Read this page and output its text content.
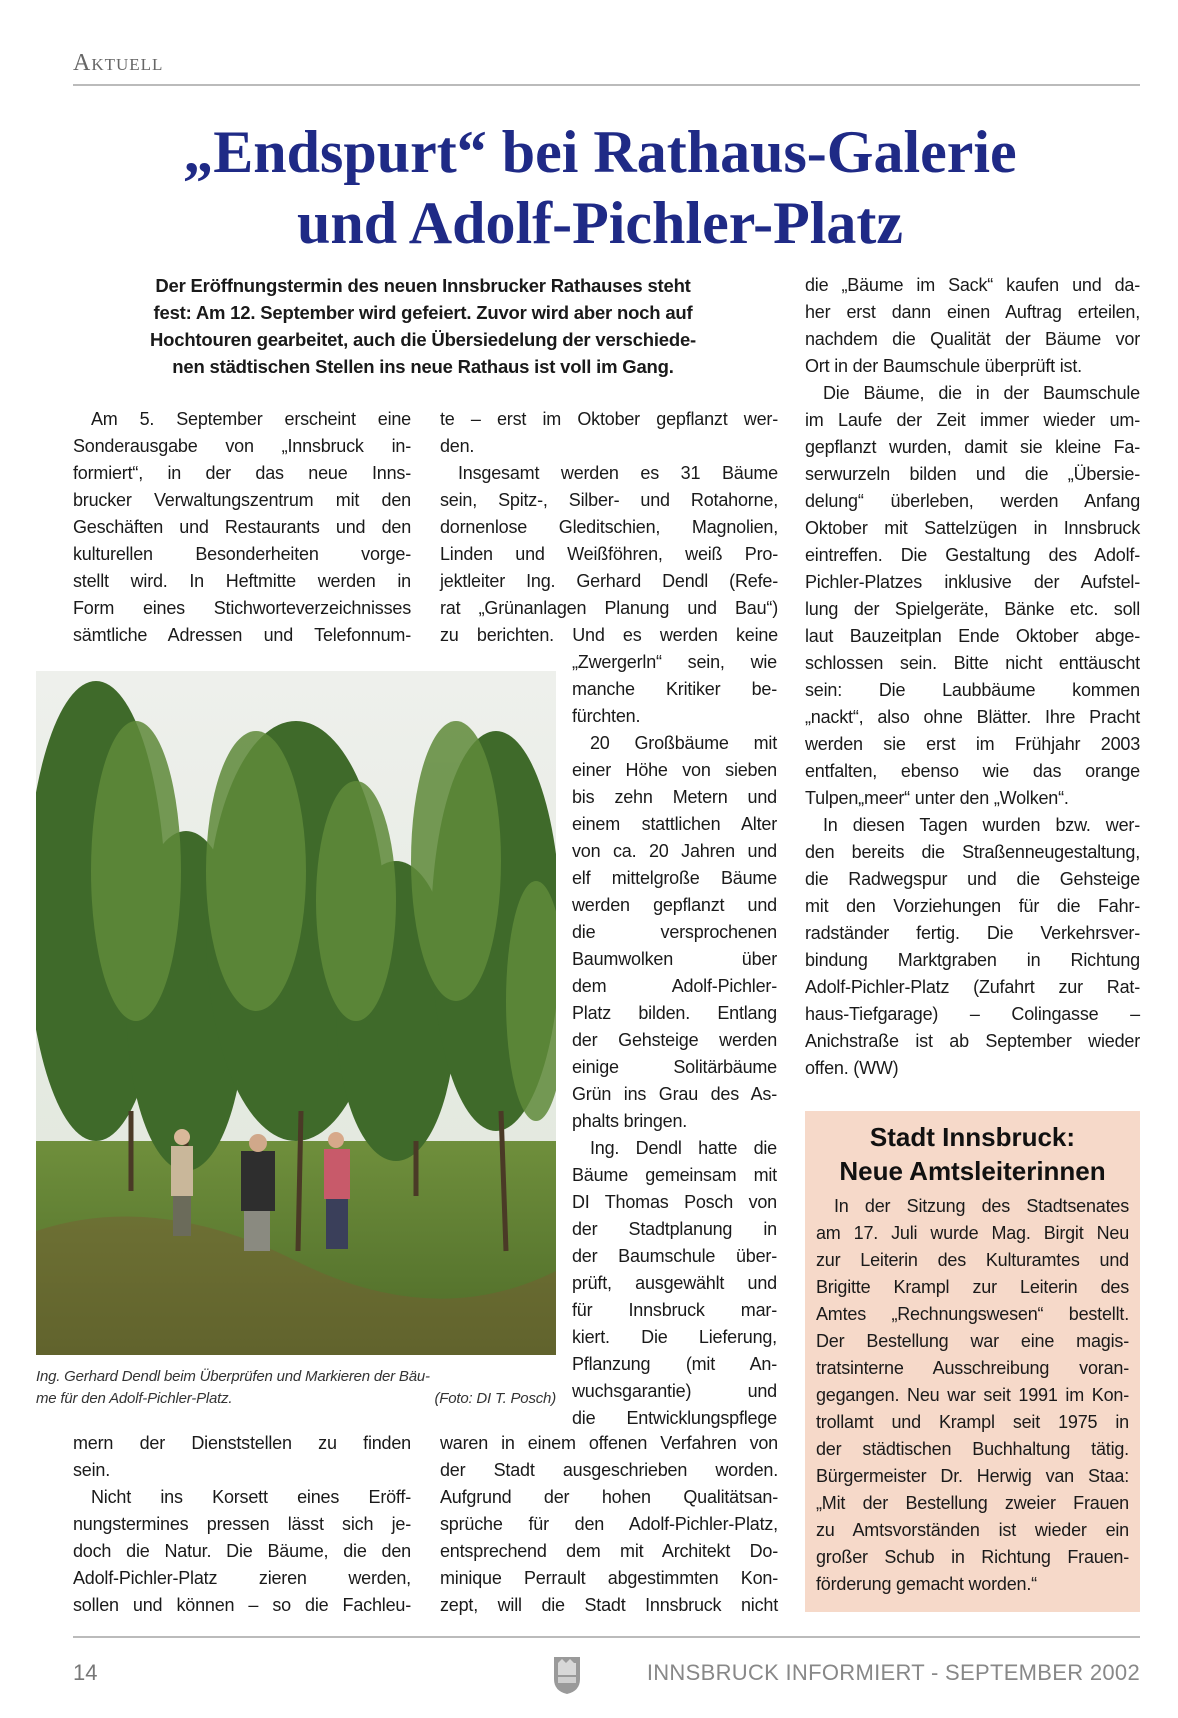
Aktuell
„Endspurt“ bei Rathaus-Galerie
und Adolf-Pichler-Platz
Der Eröffnungstermin des neuen Innsbrucker Rathauses steht
fest: Am 12. September wird gefeiert. Zuvor wird aber noch auf
Hochtouren gearbeitet, auch die Übersiedelung der verschiede-
nen städtischen Stellen ins neue Rathaus ist voll im Gang.
Am 5. September erscheint eine
Sonderausgabe von „Innsbruck in-
formiert“, in der das neue Inns-
brucker Verwaltungszentrum mit den
Geschäften und Restaurants und den
kulturellen Besonderheiten vorge-
stellt wird. In Heftmitte werden in
Form eines Stichworteverzeichnisses
sämtliche Adressen und Telefonnum-
mern der Dienststellen zu finden
sein.
Nicht ins Korsett eines Eröff-
nungstermines pressen lässt sich je-
doch die Natur. Die Bäume, die den
Adolf-Pichler-Platz zieren werden,
sollen und können – so die Fachleu-
te – erst im Oktober gepflanzt wer-
den.
Insgesamt werden es 31 Bäume
sein, Spitz-, Silber- und Rotahorne,
dornenlose Gleditschien, Magnolien,
Linden und Weißföhren, weiß Pro-
jektleiter Ing. Gerhard Dendl (Refe-
rat „Grünanlagen Planung und Bau“)
zu berichten. Und es werden keine
„Zwergerln“ sein, wie
manche Kritiker be-
fürchten.
20 Großbäume mit
einer Höhe von sieben
bis zehn Metern und
einem stattlichen Alter
von ca. 20 Jahren und
elf mittelgroße Bäume
werden gepflanzt und
die versprochenen
Baumwolken über
dem Adolf-Pichler-
Platz bilden. Entlang
der Gehsteige werden
einige Solitärbäume
Grün ins Grau des As-
phalts bringen.
Ing. Dendl hatte die
Bäume gemeinsam mit
DI Thomas Posch von
der Stadtplanung in
der Baumschule über-
prüft, ausgewählt und
für Innsbruck mar-
kiert. Die Lieferung,
Pflanzung (mit An-
wuchsgarantie) und
die Entwicklungspflege
waren in einem offenen Verfahren von
der Stadt ausgeschrieben worden.
Aufgrund der hohen Qualitätsan-
sprüche für den Adolf-Pichler-Platz,
entsprechend dem mit Architekt Do-
minique Perrault abgestimmten Kon-
zept, will die Stadt Innsbruck nicht
die „Bäume im Sack“ kaufen und da-
her erst dann einen Auftrag erteilen,
nachdem die Qualität der Bäume vor
Ort in der Baumschule überprüft ist.
Die Bäume, die in der Baumschule
im Laufe der Zeit immer wieder um-
gepflanzt wurden, damit sie kleine Fa-
serwurzeln bilden und die „Übersie-
delung“ überleben, werden Anfang
Oktober mit Sattelzügen in Innsbruck
eintreffen. Die Gestaltung des Adolf-
Pichler-Platzes inklusive der Aufstel-
lung der Spielgeräte, Bänke etc. soll
laut Bauzeitplan Ende Oktober abge-
schlossen sein. Bitte nicht enttäuscht
sein: Die Laubbäume kommen
„nackt“, also ohne Blätter. Ihre Pracht
werden sie erst im Frühjahr 2003
entfalten, ebenso wie das orange
Tulpen„meer“ unter den „Wolken“.
In diesen Tagen wurden bzw. wer-
den bereits die Straßenneugestaltung,
die Radwegspur und die Gehsteige
mit den Vorziehungen für die Fahr-
radständer fertig. Die Verkehrsver-
bindung Marktgraben in Richtung
Adolf-Pichler-Platz (Zufahrt zur Rat-
haus-Tiefgarage) – Colingasse –
Anichstraße ist ab September wieder
offen. (WW)
Ing. Gerhard Dendl beim Überprüfen und Markieren der Bäu-
me für den Adolf-Pichler-Platz.	(Foto: DI T. Posch)
Stadt Innsbruck:
Neue Amtsleiterinnen
In der Sitzung des Stadtsenates
am 17. Juli wurde Mag. Birgit Neu
zur Leiterin des Kulturamtes und
Brigitte Krampl zur Leiterin des
Amtes „Rechnungswesen“ bestellt.
Der Bestellung war eine magis-
tratsinterne Ausschreibung voran-
gegangen. Neu war seit 1991 im Kon-
trollamt und Krampl seit 1975 in
der städtischen Buchhaltung tätig.
Bürgermeister Dr. Herwig van Staa:
„Mit der Bestellung zweier Frauen
zu Amtsvorständen ist wieder ein
großer Schub in Richtung Frauen-
förderung gemacht worden.“
14	INNSBRUCK INFORMIERT - SEPTEMBER 2002
